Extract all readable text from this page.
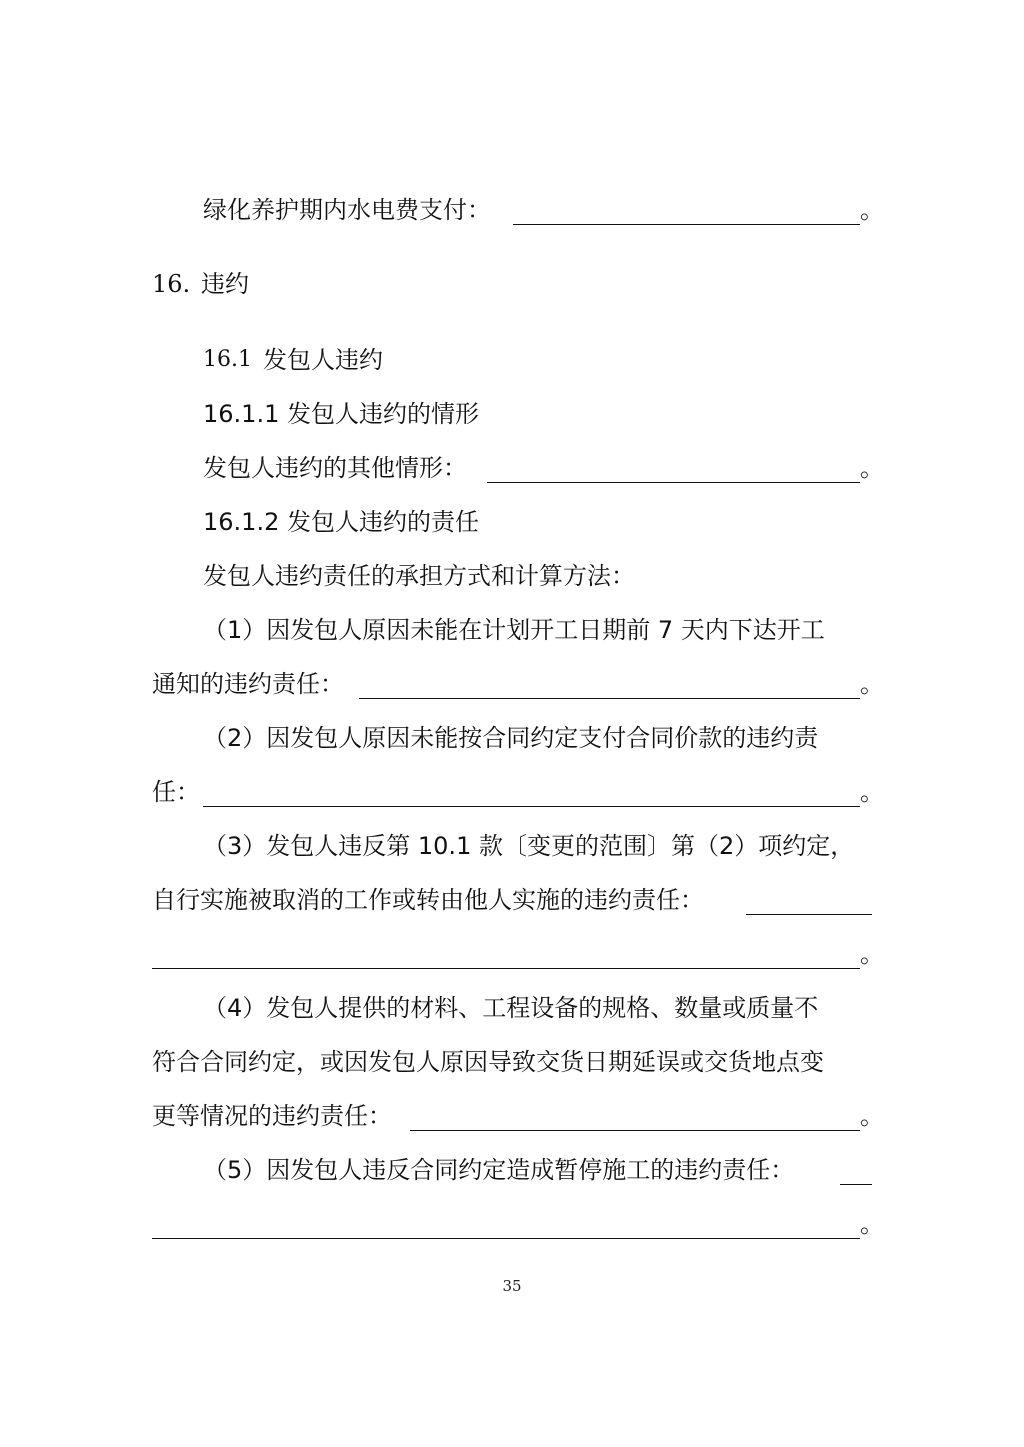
绿化养护期内水电费支付：	。
16. 违约
16.1 发包人违约
16.1.1 发包人违约的情形
发包人违约的其他情形：	。
16.1.2 发包人违约的责任
发包人违约责任的承担方式和计算方法：
（1）因发包人原因未能在计划开工日期前 7 天内下达开工
通知的违约责任：	。
（2）因发包人原因未能按合同约定支付合同价款的违约责
任：	。
（3）发包人违反第 10.1 款〔变更的范围〕第（2）项约定，
自行实施被取消的工作或转由他人实施的违约责任：
。
（4）发包人提供的材料、工程设备的规格、数量或质量不
符合合同约定，或因发包人原因导致交货日期延误或交货地点变
更等情况的违约责任：	。
（5）因发包人违反合同约定造成暂停施工的违约责任：
。
35
